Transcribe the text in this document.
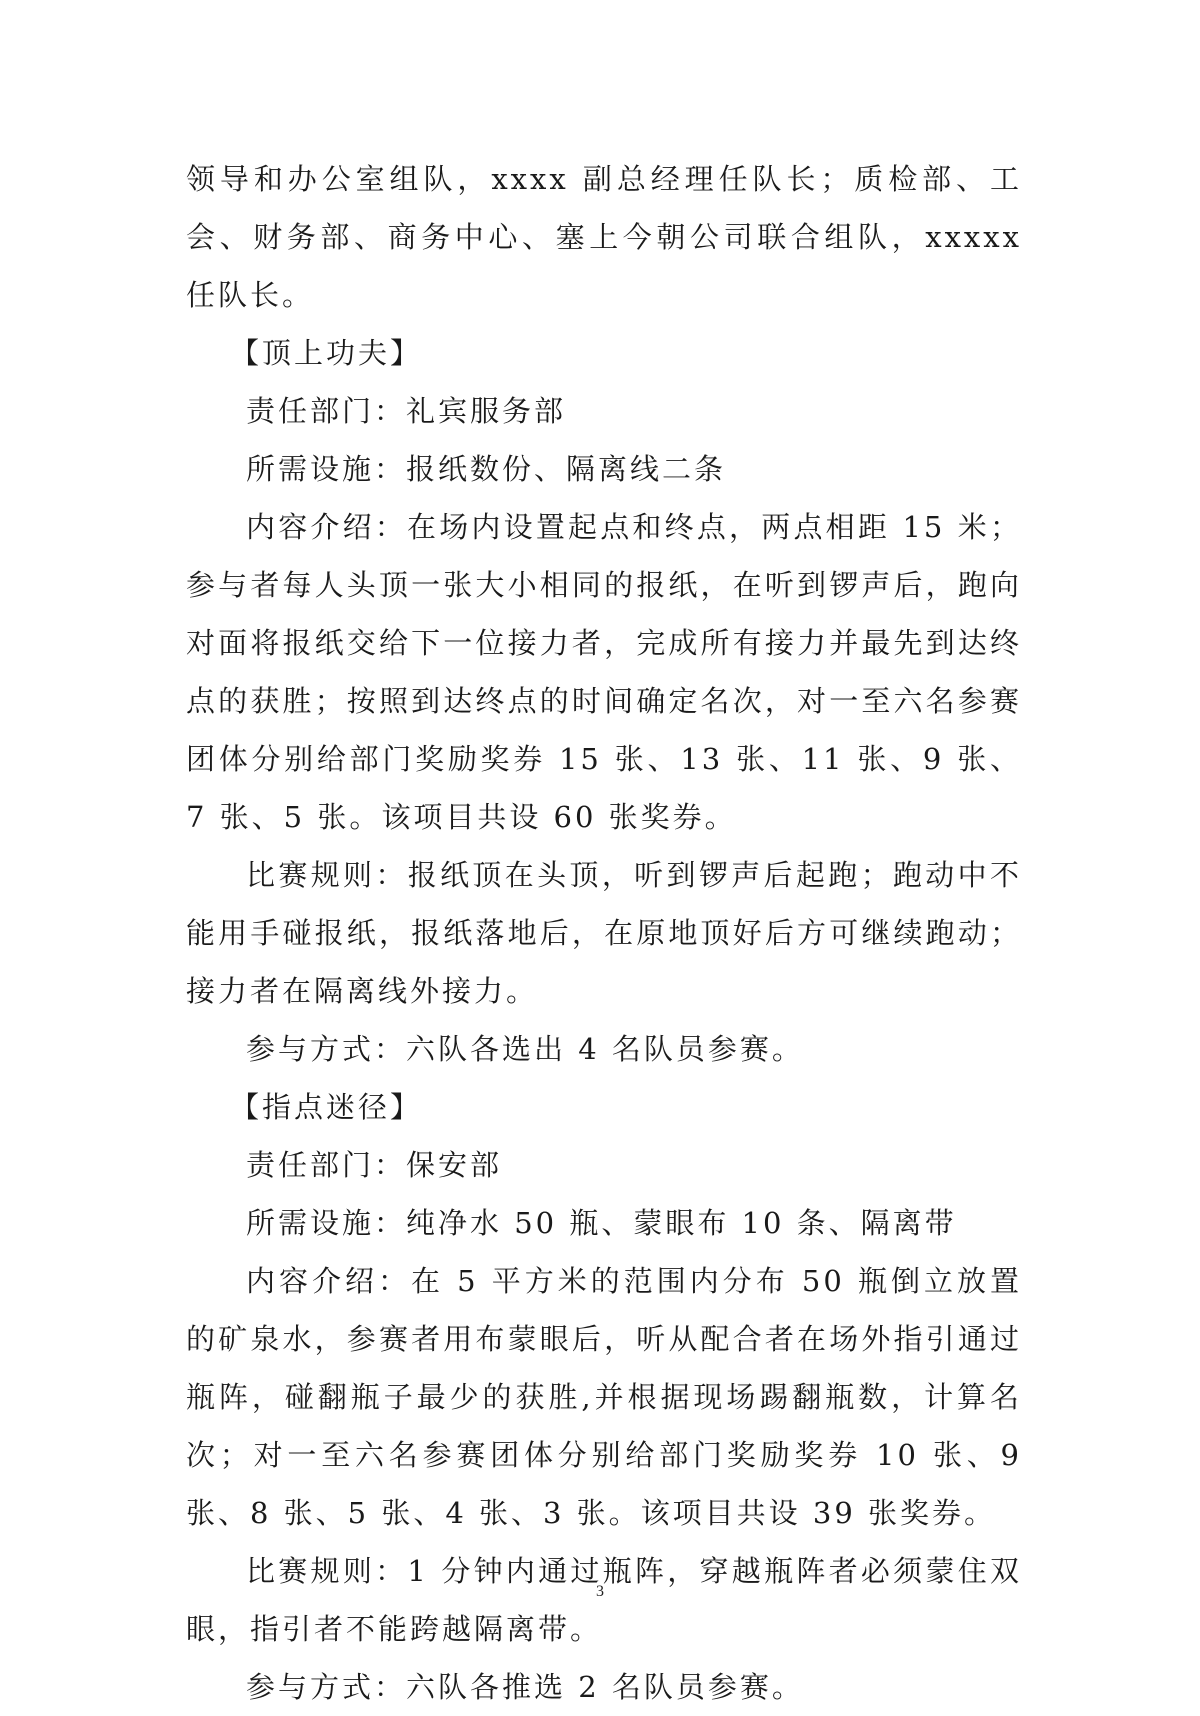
领导和办公室组队，xxxx 副总经理任队长；质检部、工会、财务部、商务中心、塞上今朝公司联合组队，xxxxx 任队长。

【顶上功夫】

责任部门：礼宾服务部

所需设施：报纸数份、隔离线二条

内容介绍：在场内设置起点和终点，两点相距 15 米；参与者每人头顶一张大小相同的报纸，在听到锣声后，跑向对面将报纸交给下一位接力者，完成所有接力并最先到达终点的获胜；按照到达终点的时间确定名次，对一至六名参赛团体分别给部门奖励奖券 15 张、13 张、11 张、9 张、7 张、5 张。该项目共设 60 张奖券。

比赛规则：报纸顶在头顶，听到锣声后起跑；跑动中不能用手碰报纸，报纸落地后，在原地顶好后方可继续跑动；接力者在隔离线外接力。

参与方式：六队各选出 4 名队员参赛。

【指点迷径】

责任部门：保安部

所需设施：纯净水 50 瓶、蒙眼布 10 条、隔离带

内容介绍：在 5 平方米的范围内分布 50 瓶倒立放置的矿泉水，参赛者用布蒙眼后，听从配合者在场外指引通过瓶阵，碰翻瓶子最少的获胜,并根据现场踢翻瓶数，计算名次；对一至六名参赛团体分别给部门奖励奖券 10 张、9 张、8 张、5 张、4 张、3 张。该项目共设 39 张奖券。

比赛规则：1 分钟内通过瓶阵，穿越瓶阵者必须蒙住双眼，指引者不能跨越隔离带。

参与方式：六队各推选 2 名队员参赛。

3
